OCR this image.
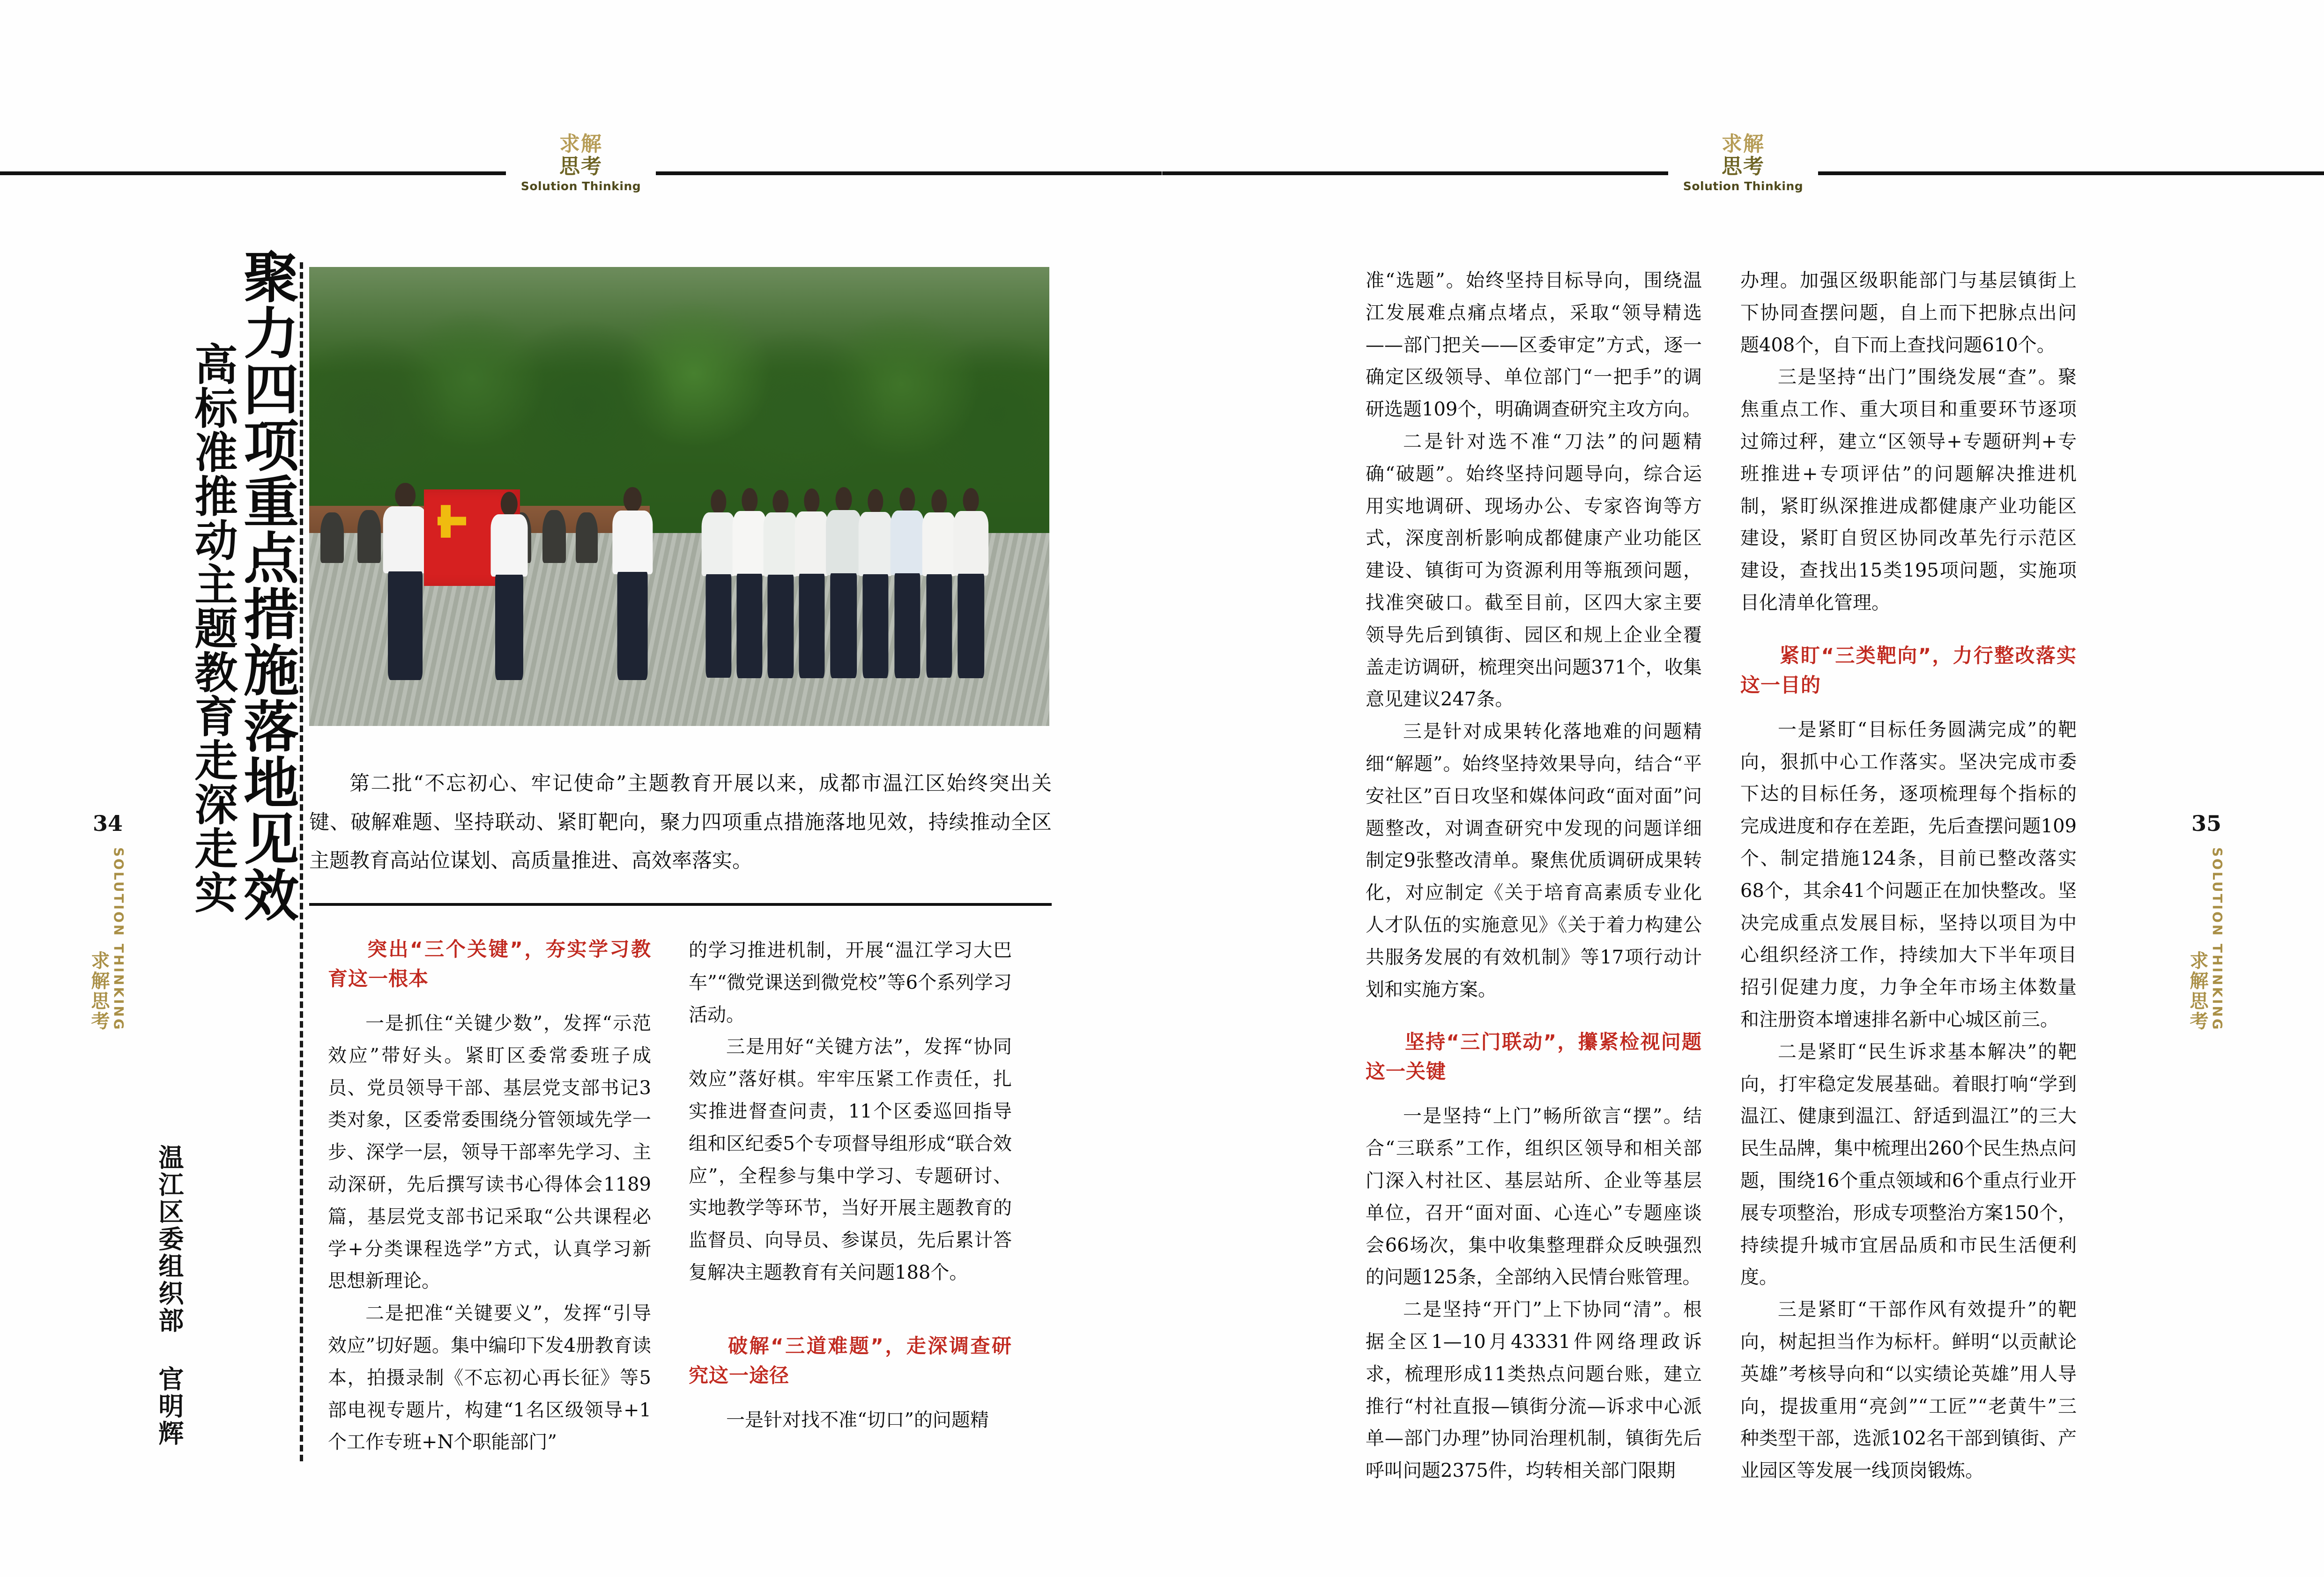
求解
思考
Solution Thinking
34
求解思考 SOLUTION THINKING
聚力四项重点措施落地见效
高标准推动主题教育走深走实
温江区委组织部 官明辉
第二批“不忘初心、牢记使命”主题教育开展以来，成都市温江区始终突出关键、破解难题、坚持联动、紧盯靶向，聚力四项重点措施落地见效，持续推动全区主题教育高站位谋划、高质量推进、高效率落实。
突出“三个关键”，夯实学习教育这一根本

一是抓住“关键少数”，发挥“示范效应”带好头。紧盯区委常委班子成员、党员领导干部、基层党支部书记3类对象，区委常委围绕分管领域先学一步、深学一层，领导干部率先学习、主动深研，先后撰写读书心得体会1189篇，基层党支部书记采取“公共课程必学+分类课程选学”方式，认真学习新思想新理论。

二是把准“关键要义”，发挥“引导效应”切好题。集中编印下发4册教育读本，拍摄录制《不忘初心再长征》等5部电视专题片，构建“1名区级领导+1个工作专班+N个职能部门”

的学习推进机制，开展“温江学习大巴车”“微党课送到微党校”等6个系列学习活动。

三是用好“关键方法”，发挥“协同效应”落好棋。牢牢压紧工作责任，扎实推进督查问责，11个区委巡回指导组和区纪委5个专项督导组形成“联合效应”，全程参与集中学习、专题研讨、实地教学等环节，当好开展主题教育的监督员、向导员、参谋员，先后累计答复解决主题教育有关问题188个。

破解“三道难题”，走深调查研究这一途径

一是针对找不准“切口”的问题精

求解
思考
Solution Thinking
35
求解思考 SOLUTION THINKING

准“选题”。始终坚持目标导向，围绕温江发展难点痛点堵点，采取“领导精选——部门把关——区委审定”方式，逐一确定区级领导、单位部门“一把手”的调研选题109个，明确调查研究主攻方向。

二是针对选不准“刀法”的问题精确“破题”。始终坚持问题导向，综合运用实地调研、现场办公、专家咨询等方式，深度剖析影响成都健康产业功能区建设、镇街可为资源利用等瓶颈问题，找准突破口。截至目前，区四大家主要领导先后到镇街、园区和规上企业全覆盖走访调研，梳理突出问题371个，收集意见建议247条。

三是针对成果转化落地难的问题精细“解题”。始终坚持效果导向，结合“平安社区”百日攻坚和媒体问政“面对面”问题整改，对调查研究中发现的问题详细制定9张整改清单。聚焦优质调研成果转化，对应制定《关于培育高素质专业化人才队伍的实施意见》《关于着力构建公共服务发展的有效机制》等17项行动计划和实施方案。

坚持“三门联动”，攥紧检视问题这一关键

一是坚持“上门”畅所欲言“摆”。结合“三联系”工作，组织区领导和相关部门深入村社区、基层站所、企业等基层单位，召开“面对面、心连心”专题座谈会66场次，集中收集整理群众反映强烈的问题125条，全部纳入民情台账管理。

二是坚持“开门”上下协同“清”。根据全区1—10月43331件网络理政诉求，梳理形成11类热点问题台账，建立推行“村社直报—镇街分流—诉求中心派单—部门办理”协同治理机制，镇街先后呼叫问题2375件，均转相关部门限期

办理。加强区级职能部门与基层镇街上下协同查摆问题，自上而下把脉点出问题408个，自下而上查找问题610个。

三是坚持“出门”围绕发展“查”。聚焦重点工作、重大项目和重要环节逐项过筛过秤，建立“区领导+专题研判+专班推进+专项评估”的问题解决推进机制，紧盯纵深推进成都健康产业功能区建设，紧盯自贸区协同改革先行示范区建设，查找出15类195项问题，实施项目化清单化管理。

紧盯“三类靶向”，力行整改落实这一目的

一是紧盯“目标任务圆满完成”的靶向，狠抓中心工作落实。坚决完成市委下达的目标任务，逐项梳理每个指标的完成进度和存在差距，先后查摆问题109个、制定措施124条，目前已整改落实68个，其余41个问题正在加快整改。坚决完成重点发展目标，坚持以项目为中心组织经济工作，持续加大下半年项目招引促建力度，力争全年市场主体数量和注册资本增速排名新中心城区前三。

二是紧盯“民生诉求基本解决”的靶向，打牢稳定发展基础。着眼打响“学到温江、健康到温江、舒适到温江”的三大民生品牌，集中梳理出260个民生热点问题，围绕16个重点领域和6个重点行业开展专项整治，形成专项整治方案150个，持续提升城市宜居品质和市民生活便利度。

三是紧盯“干部作风有效提升”的靶向，树起担当作为标杆。鲜明“以贡献论英雄”考核导向和“以实绩论英雄”用人导向，提拔重用“亮剑”“工匠”“老黄牛”三种类型干部，选派102名干部到镇街、产业园区等发展一线顶岗锻炼。
